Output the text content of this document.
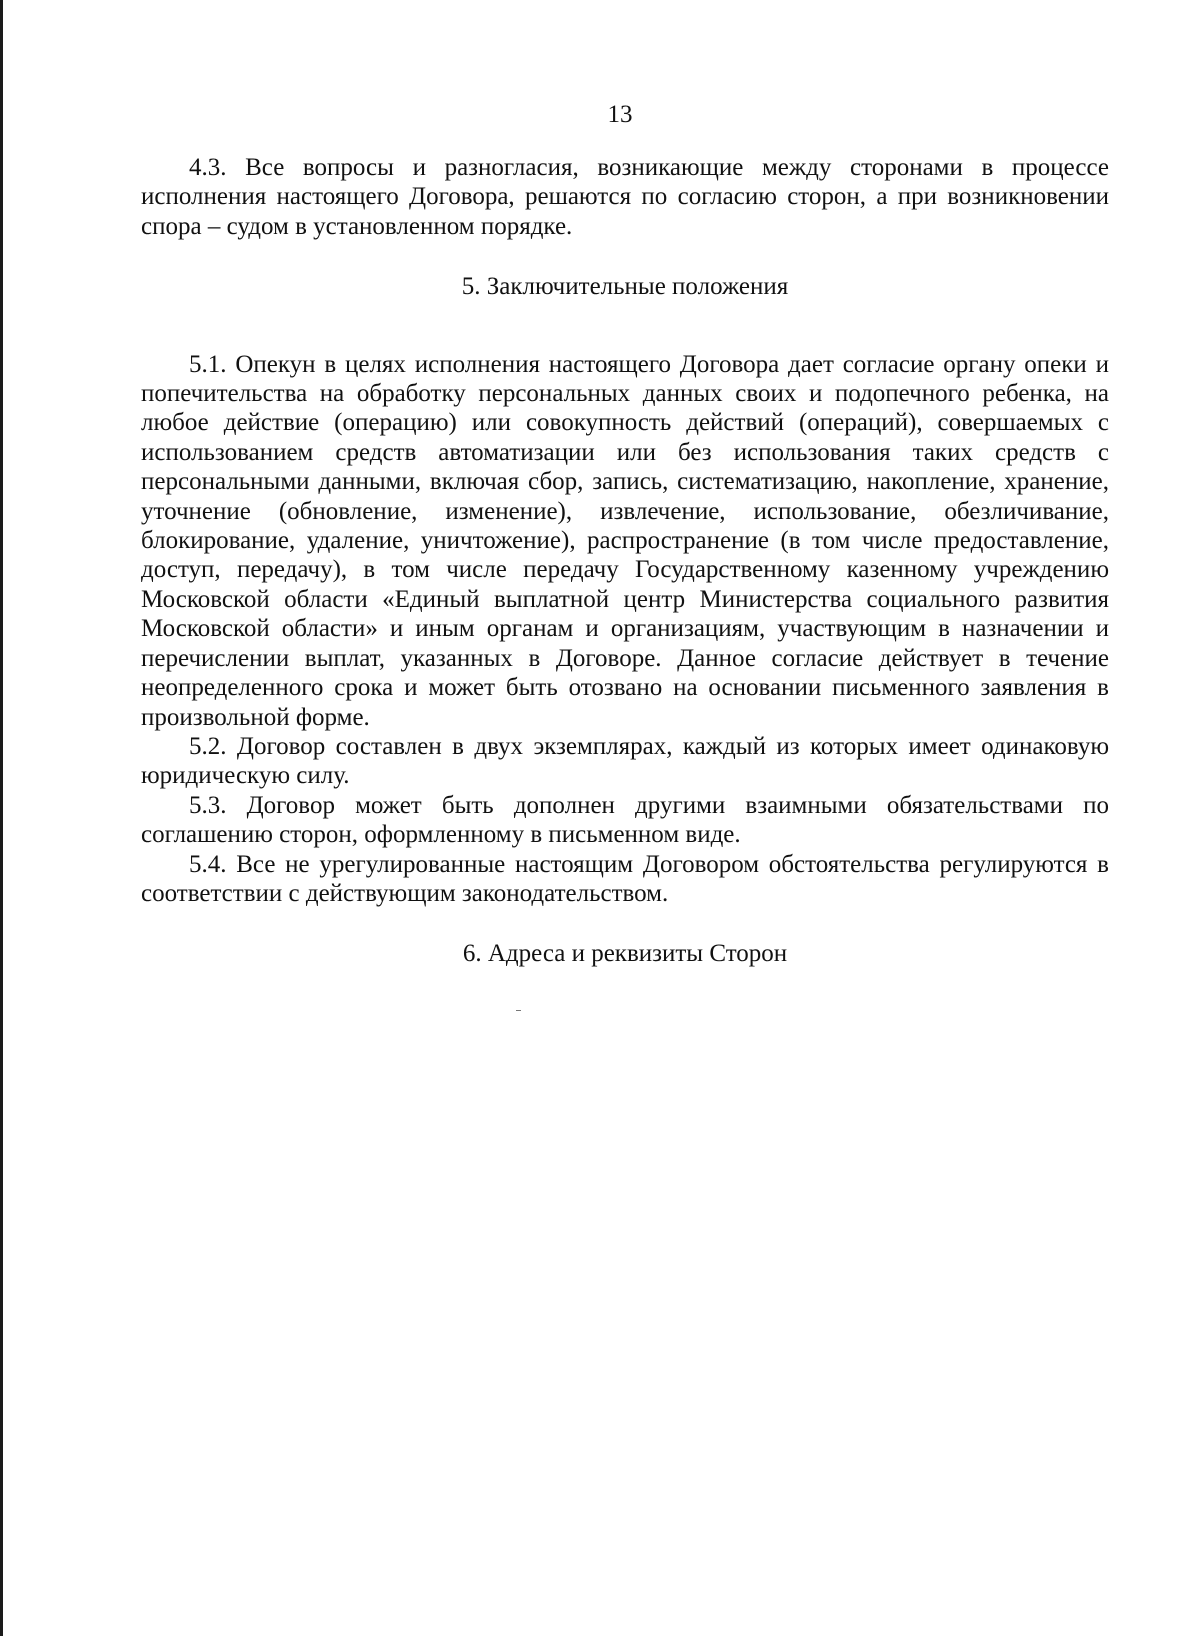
13

4.3. Все вопросы и разногласия, возникающие между сторонами в процессе исполнения настоящего Договора, решаются по согласию сторон, а при возникновении спора – судом в установленном порядке.

5. Заключительные положения

5.1. Опекун в целях исполнения настоящего Договора дает согласие органу опеки и попечительства на обработку персональных данных своих и подопечного ребенка, на любое действие (операцию) или совокупность действий (операций), совершаемых с использованием средств автоматизации или без использования таких средств с персональными данными, включая сбор, запись, систематизацию, накопление, хранение, уточнение (обновление, изменение), извлечение, использование, обезличивание, блокирование, удаление, уничтожение), распространение (в том числе предоставление, доступ, передачу), в том числе передачу Государственному казенному учреждению Московской области «Единый выплатной центр Министерства социального развития Московской области» и иным органам и организациям, участвующим в назначении и перечислении выплат, указанных в Договоре. Данное согласие действует в течение неопределенного срока и может быть отозвано на основании письменного заявления в произвольной форме.

5.2. Договор составлен в двух экземплярах, каждый из которых имеет одинаковую юридическую силу.

5.3. Договор может быть дополнен другими взаимными обязательствами по соглашению сторон, оформленному в письменном виде.

5.4. Все не урегулированные настоящим Договором обстоятельства регулируются в соответствии с действующим законодательством.

6. Адреса и реквизиты Сторон
